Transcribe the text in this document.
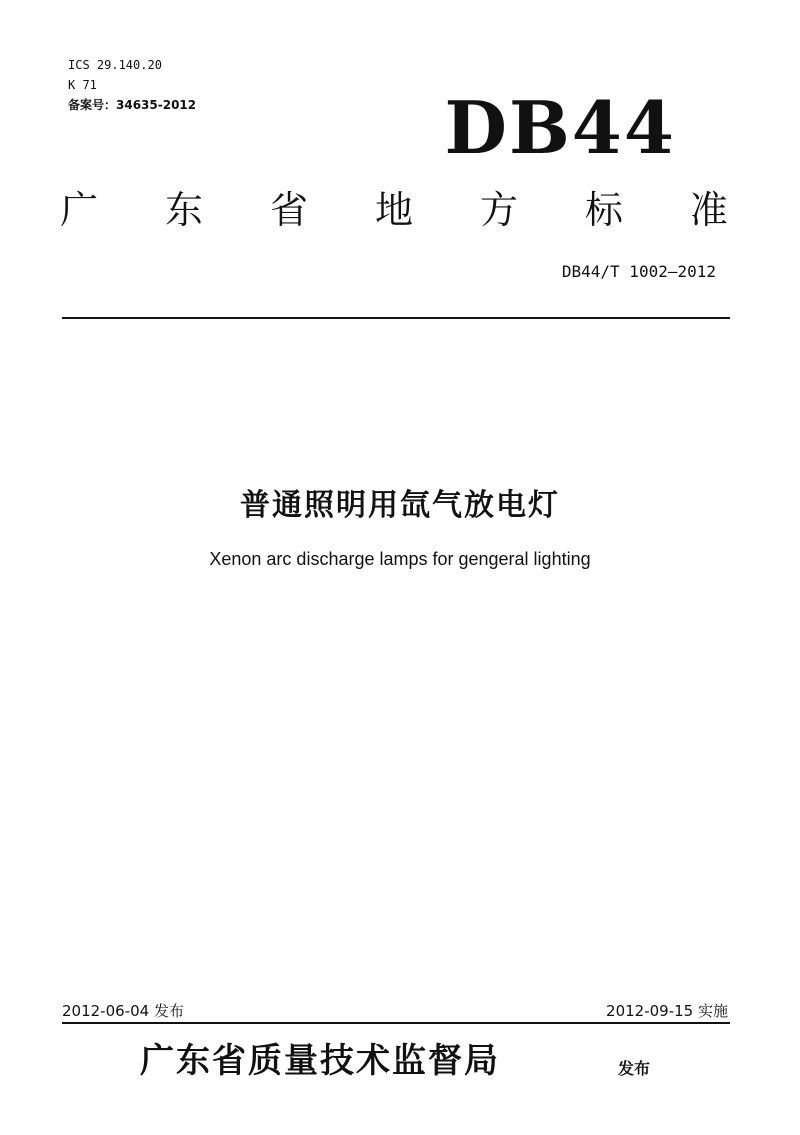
ICS 29.140.20
K 71
备案号：34635-2012	DB44
广 东 省 地 方 标 准
DB44/T 1002—2012
普通照明用氙气放电灯
Xenon arc discharge lamps for gengeral lighting
2012-06-04 发布	2012-09-15 实施
广东省质量技术监督局	发布
